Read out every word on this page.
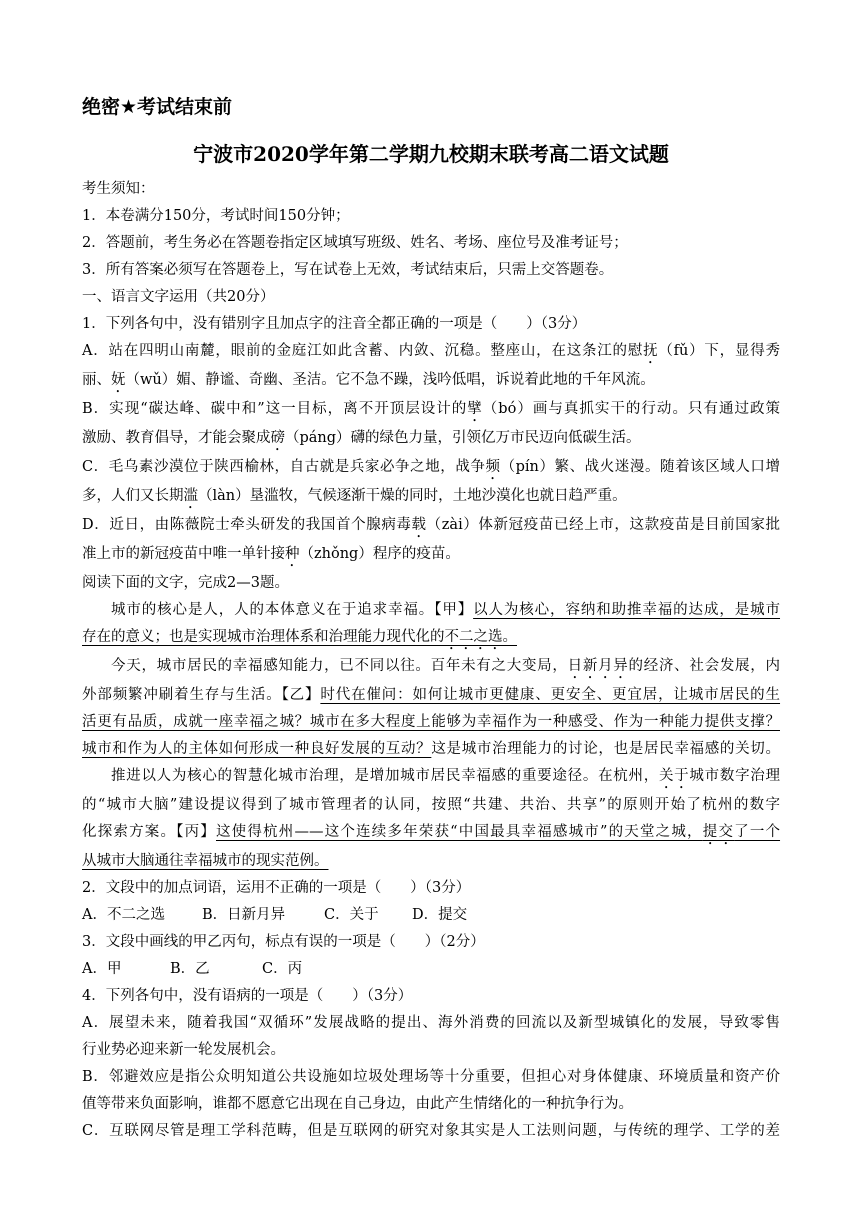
绝密★考试结束前
宁波市2020学年第二学期九校期末联考高二语文试题
考生须知：
1．本卷满分150分，考试时间150分钟；
2．答题前，考生务必在答题卷指定区域填写班级、姓名、考场、座位号及准考证号；
3．所有答案必须写在答题卷上，写在试卷上无效，考试结束后，只需上交答题卷。
一、语言文字运用（共20分）
1．下列各句中，没有错别字且加点字的注音全都正确的一项是（　　）（3分）
A．站在四明山南麓，眼前的金庭江如此含蓄、内敛、沉稳。整座山，在这条江的慰抚（fǔ）下，显得秀
丽、妩（wǔ）媚、静谧、奇幽、圣洁。它不急不躁，浅吟低唱，诉说着此地的千年风流。
B．实现“碳达峰、碳中和”这一目标，离不开顶层设计的擘（bó）画与真抓实干的行动。只有通过政策
激励、教育倡导，才能会聚成磅（páng）礴的绿色力量，引领亿万市民迈向低碳生活。
C．毛乌素沙漠位于陕西榆林，自古就是兵家必争之地，战争频（pín）繁、战火迷漫。随着该区域人口增
多，人们又长期滥（làn）垦滥牧，气候逐渐干燥的同时，土地沙漠化也就日趋严重。
D．近日，由陈薇院士牵头研发的我国首个腺病毒载（zài）体新冠疫苗已经上市，这款疫苗是目前国家批
准上市的新冠疫苗中唯一单针接种（zhǒng）程序的疫苗。
阅读下面的文字，完成2—3题。
城市的核心是人，人的本体意义在于追求幸福。【甲】以人为核心，容纳和助推幸福的达成，是城市
存在的意义；也是实现城市治理体系和治理能力现代化的不二之选。
今天，城市居民的幸福感知能力，已不同以往。百年未有之大变局，日新月异的经济、社会发展，内
外部频繁冲刷着生存与生活。【乙】时代在催问：如何让城市更健康、更安全、更宜居，让城市居民的生
活更有品质，成就一座幸福之城？城市在多大程度上能够为幸福作为一种感受、作为一种能力提供支撑？
城市和作为人的主体如何形成一种良好发展的互动？这是城市治理能力的讨论，也是居民幸福感的关切。
推进以人为核心的智慧化城市治理，是增加城市居民幸福感的重要途径。在杭州，关于城市数字治理
的“城市大脑”建设提议得到了城市管理者的认同，按照“共建、共治、共享”的原则开始了杭州的数字
化探索方案。【丙】这使得杭州——这个连续多年荣获“中国最具幸福感城市”的天堂之城，提交了一个
从城市大脑通往幸福城市的现实范例。
2．文段中的加点词语，运用不正确的一项是（　　）（3分）
A．不二之选	B．日新月异	C．关于 D．提交
3．文段中画线的甲乙丙句，标点有误的一项是（　　）（2分）
A．甲	B．乙	C．丙
4．下列各句中，没有语病的一项是（　　）（3分）
A．展望未来，随着我国“双循环”发展战略的提出、海外消费的回流以及新型城镇化的发展，导致零售
行业势必迎来新一轮发展机会。
B．邻避效应是指公众明知道公共设施如垃圾处理场等十分重要，但担心对身体健康、环境质量和资产价
值等带来负面影响，谁都不愿意它出现在自己身边，由此产生情绪化的一种抗争行为。
C．互联网尽管是理工学科范畴，但是互联网的研究对象其实是人工法则问题，与传统的理学、工学的差
